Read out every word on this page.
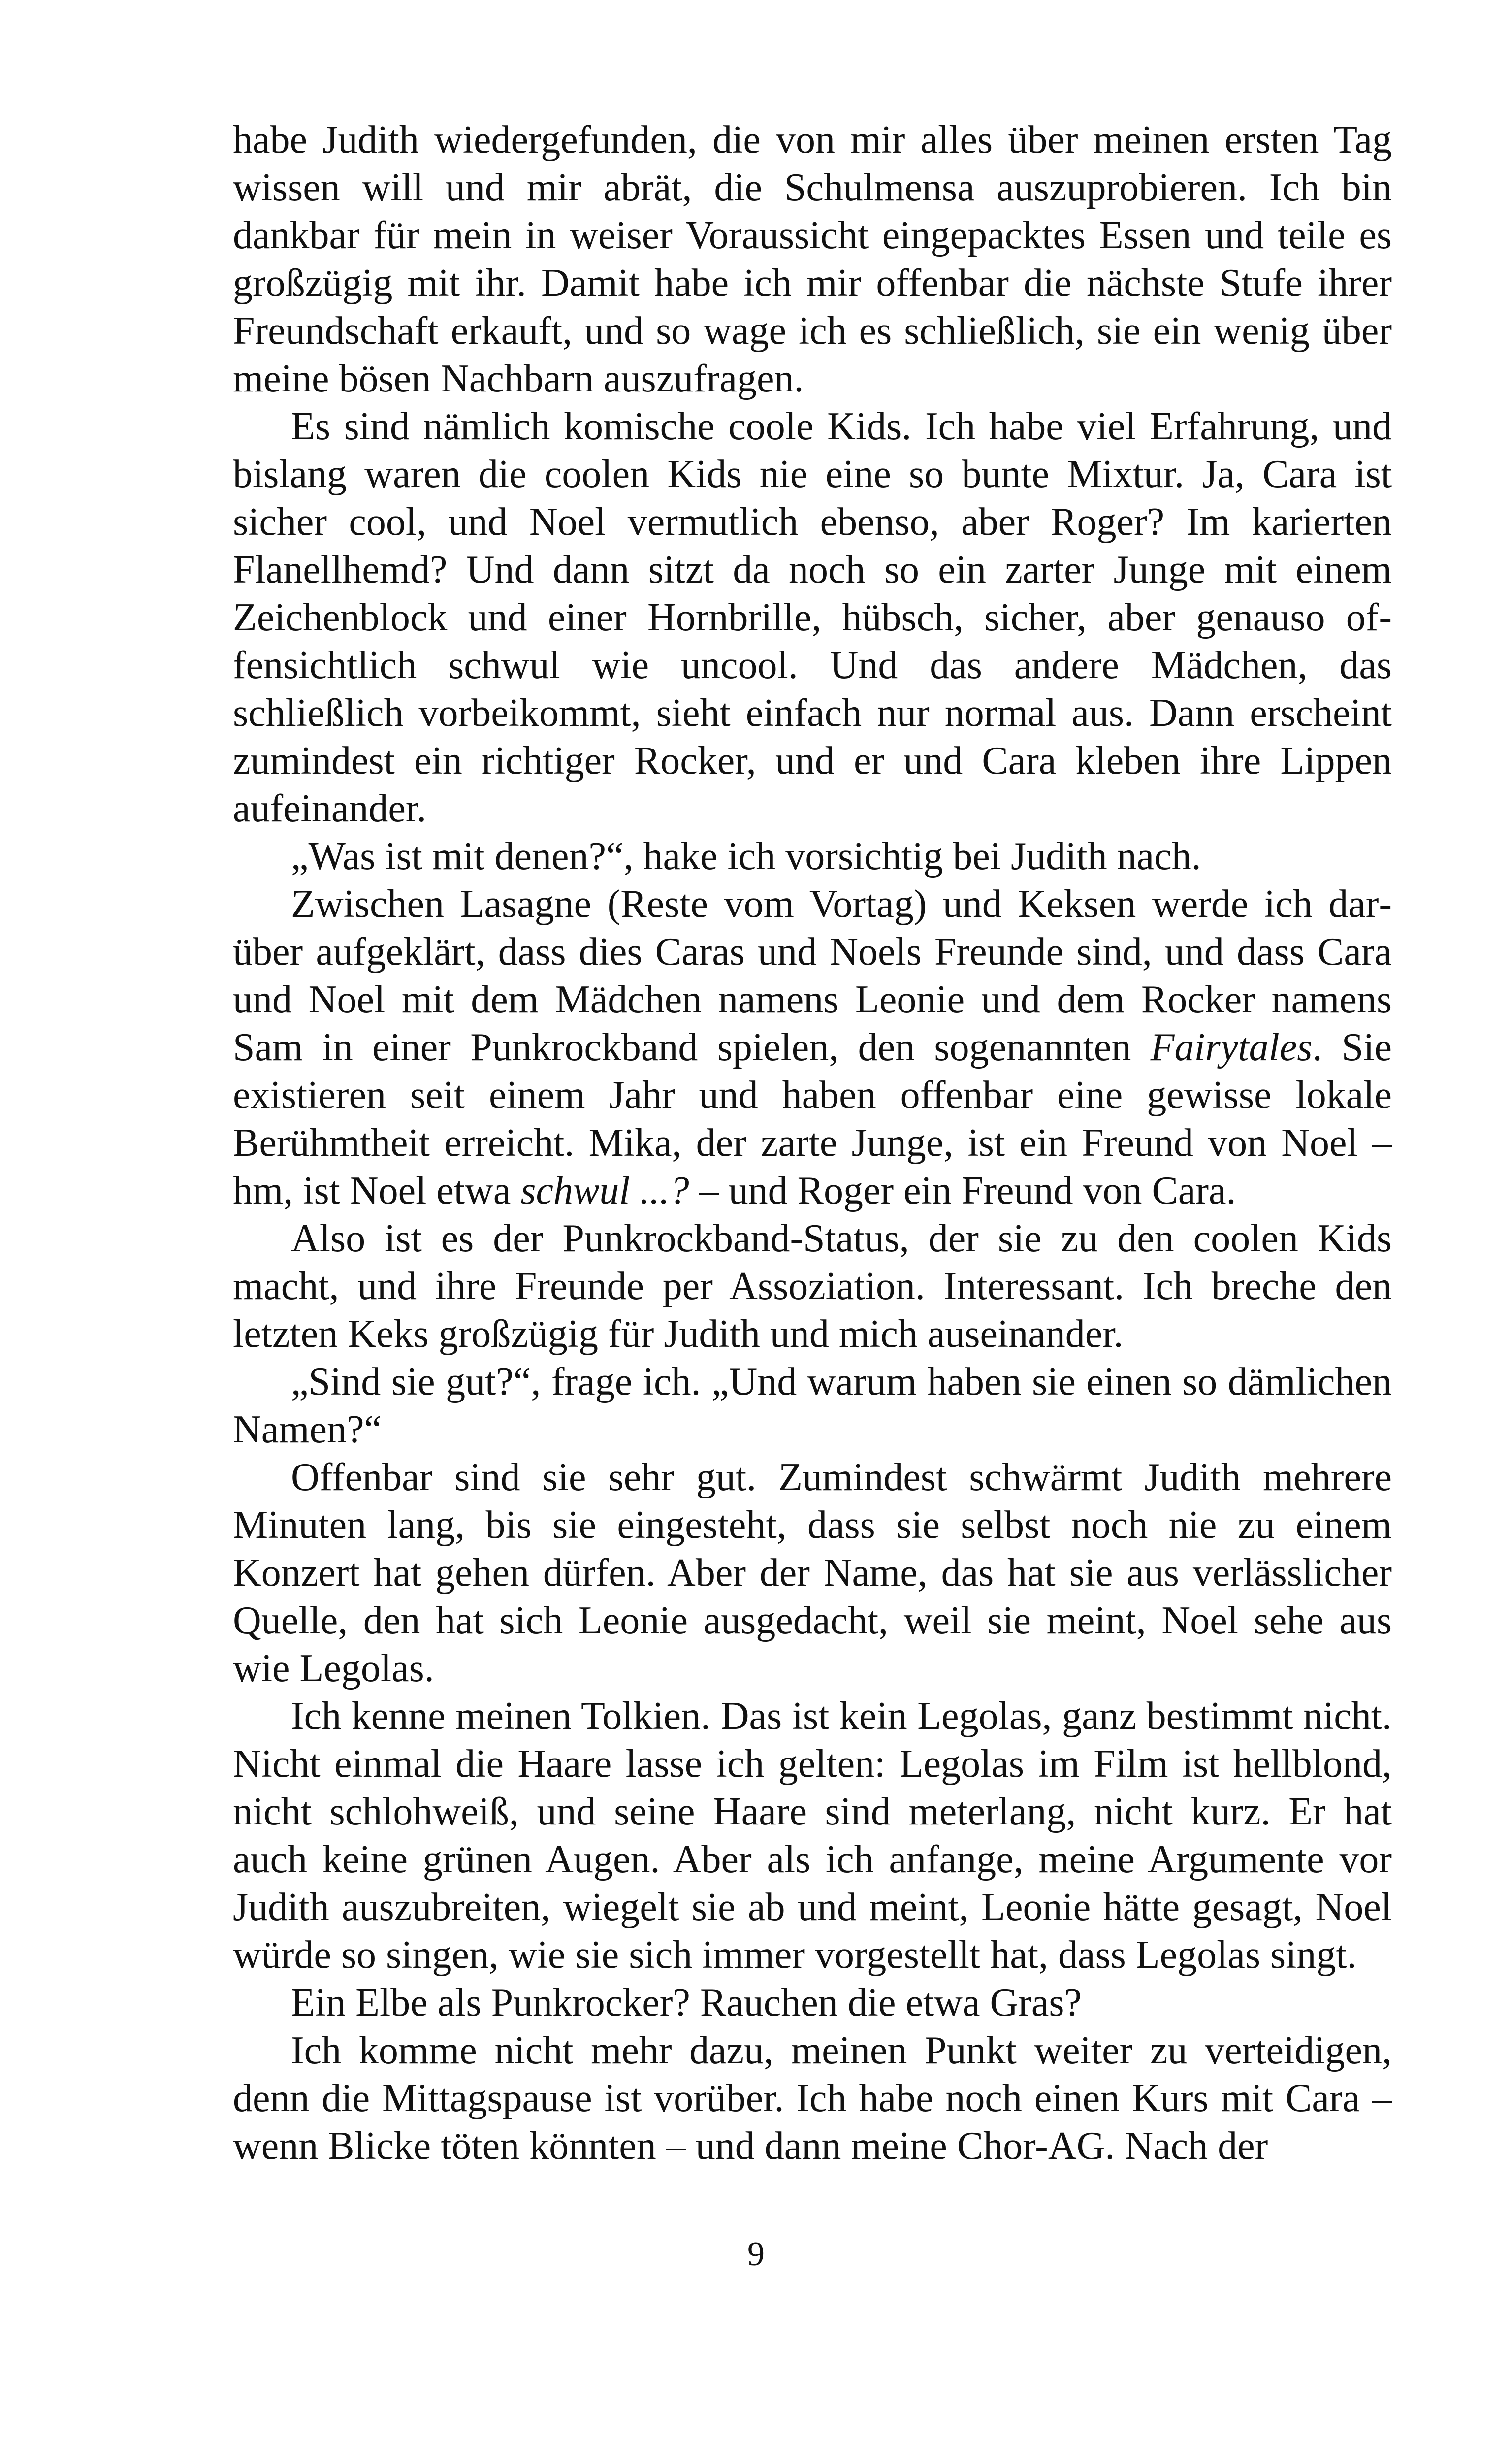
habe Judith wiedergefunden, die von mir alles über meinen ersten Tag wissen will und mir abrät, die Schulmensa auszuprobieren. Ich bin dankbar für mein in weiser Voraussicht eingepacktes Essen und teile es großzügig mit ihr. Damit habe ich mir offenbar die nächste Stufe ihrer Freundschaft erkauft, und so wage ich es schließlich, sie ein wenig über meine bösen Nachbarn auszufragen.

Es sind nämlich komische coole Kids. Ich habe viel Erfahrung, und bislang waren die coolen Kids nie eine so bunte Mixtur. Ja, Cara ist sicher cool, und Noel vermutlich ebenso, aber Roger? Im karierten Flanellhemd? Und dann sitzt da noch so ein zarter Junge mit einem Zeichenblock und einer Hornbrille, hübsch, sicher, aber genauso offensichtlich schwul wie uncool. Und das andere Mädchen, das schließlich vorbeikommt, sieht einfach nur normal aus. Dann erscheint zumindest ein richtiger Rocker, und er und Cara kleben ihre Lippen aufeinander.

„Was ist mit denen?“, hake ich vorsichtig bei Judith nach.

Zwischen Lasagne (Reste vom Vortag) und Keksen werde ich darüber aufgeklärt, dass dies Caras und Noels Freunde sind, und dass Cara und Noel mit dem Mädchen namens Leonie und dem Rocker namens Sam in einer Punkrockband spielen, den sogenannten Fairytales. Sie existieren seit einem Jahr und haben offenbar eine gewisse lokale Berühmtheit erreicht. Mika, der zarte Junge, ist ein Freund von Noel – hm, ist Noel etwa schwul ...? – und Roger ein Freund von Cara.

Also ist es der Punkrockband-Status, der sie zu den coolen Kids macht, und ihre Freunde per Assoziation. Interessant. Ich breche den letzten Keks großzügig für Judith und mich auseinander.

„Sind sie gut?“, frage ich. „Und warum haben sie einen so dämlichen Namen?“

Offenbar sind sie sehr gut. Zumindest schwärmt Judith mehrere Minuten lang, bis sie eingesteht, dass sie selbst noch nie zu einem Konzert hat gehen dürfen. Aber der Name, das hat sie aus verlässlicher Quelle, den hat sich Leonie ausgedacht, weil sie meint, Noel sehe aus wie Legolas.

Ich kenne meinen Tolkien. Das ist kein Legolas, ganz bestimmt nicht. Nicht einmal die Haare lasse ich gelten: Legolas im Film ist hellblond, nicht schlohweiß, und seine Haare sind meterlang, nicht kurz. Er hat auch keine grünen Augen. Aber als ich anfange, meine Argumente vor Judith auszubreiten, wiegelt sie ab und meint, Leonie hätte gesagt, Noel würde so singen, wie sie sich immer vorgestellt hat, dass Legolas singt.

Ein Elbe als Punkrocker? Rauchen die etwa Gras?

Ich komme nicht mehr dazu, meinen Punkt weiter zu verteidigen, denn die Mittagspause ist vorüber. Ich habe noch einen Kurs mit Cara – wenn Blicke töten könnten – und dann meine Chor-AG. Nach der

9
